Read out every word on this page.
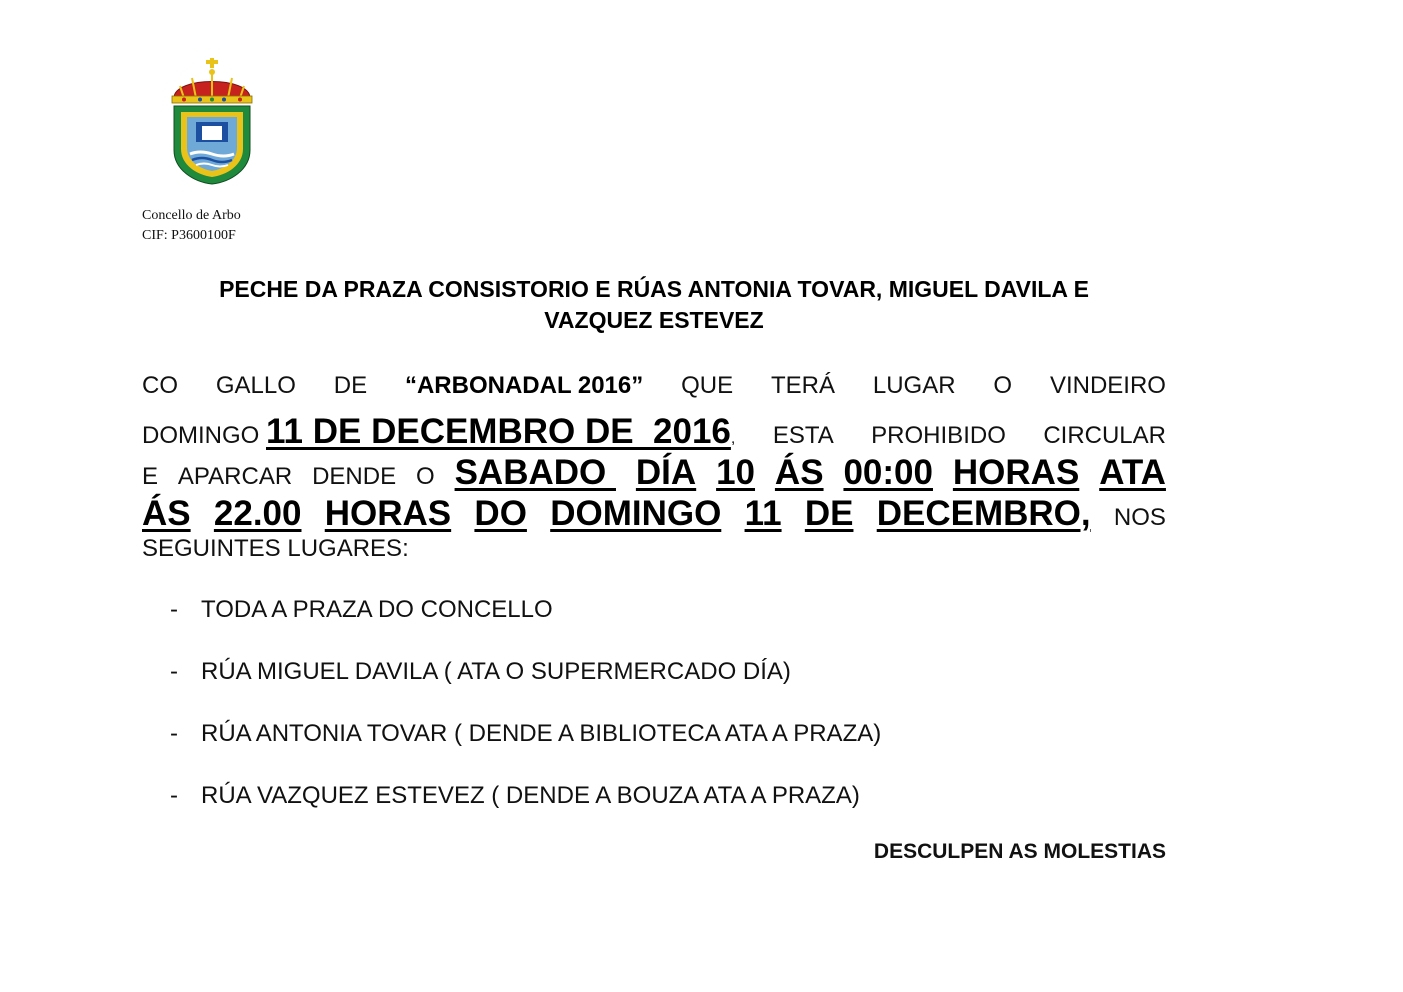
Concello de Arbo
CIF: P3600100F
PECHE DA PRAZA CONSISTORIO E RÚAS ANTONIA TOVAR, MIGUEL DAVILA E
VAZQUEZ ESTEVEZ
CO GALLO DE “ARBONADAL 2016” QUE TERÁ LUGAR O VINDEIRO
DOMINGO 11 DE DECEMBRO DE  2016, ESTA PROHIBIDO CIRCULAR
E APARCAR DENDE O SABADO DÍA 10 ÁS 00:00 HORAS ATA
ÁS 22.00 HORAS DO DOMINGO 11 DE DECEMBRO, NOS
SEGUINTES LUGARES:
- TODA A PRAZA DO CONCELLO
- RÚA MIGUEL DAVILA ( ATA O SUPERMERCADO DÍA)
- RÚA ANTONIA TOVAR ( DENDE A BIBLIOTECA ATA A PRAZA)
- RÚA VAZQUEZ ESTEVEZ ( DENDE A BOUZA ATA A PRAZA)
DESCULPEN AS MOLESTIAS
